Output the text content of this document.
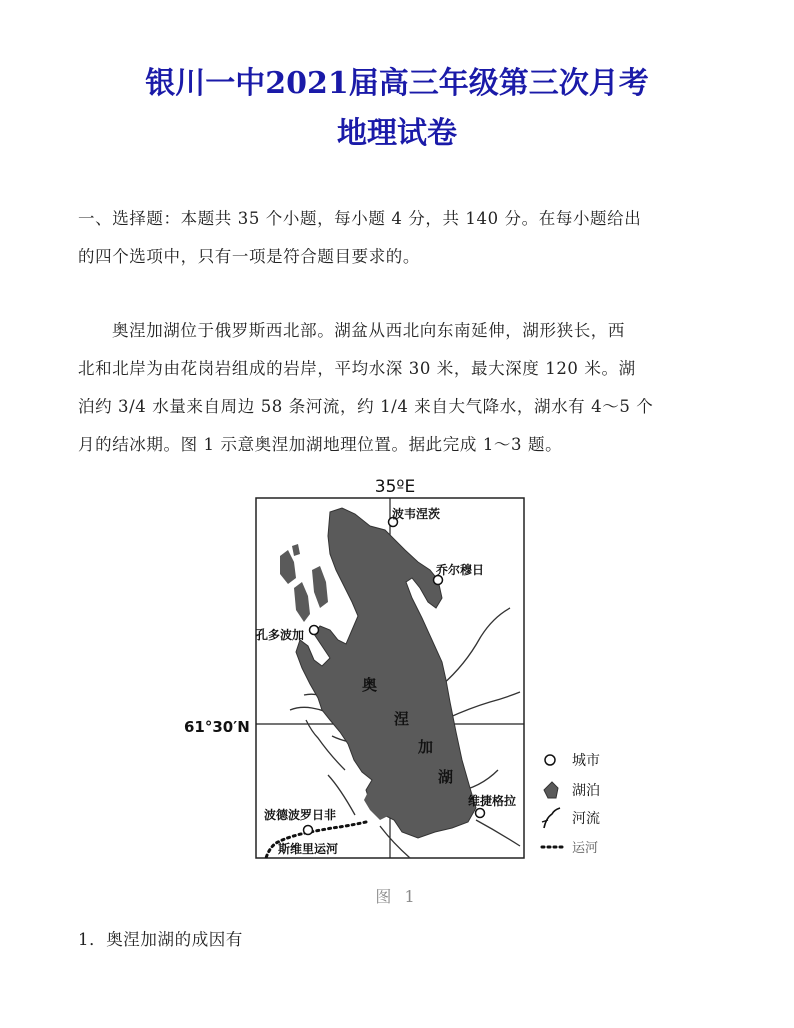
银川一中2021届高三年级第三次月考
地理试卷
一、选择题：本题共 35 个小题，每小题 4 分，共 140 分。在每小题给出
的四个选项中，只有一项是符合题目要求的。
奥涅加湖位于俄罗斯西北部。湖盆从西北向东南延伸，湖形狭长，西
北和北岸为由花岗岩组成的岩岸，平均水深 30 米，最大深度 120 米。湖
泊约 3/4 水量来自周边 58 条河流，约 1/4 来自大气降水，湖水有 4～5 个
月的结冰期。图 1 示意奥涅加湖地理位置。据此完成 1～3 题。
35ºE
61°30′N
波韦涅茨
乔尔穆日
孔多波加
波德波罗日非
维捷格拉
斯维里运河
奥
涅
加
湖
城市
湖泊
河流
运河
图 1
1．奥涅加湖的成因有
